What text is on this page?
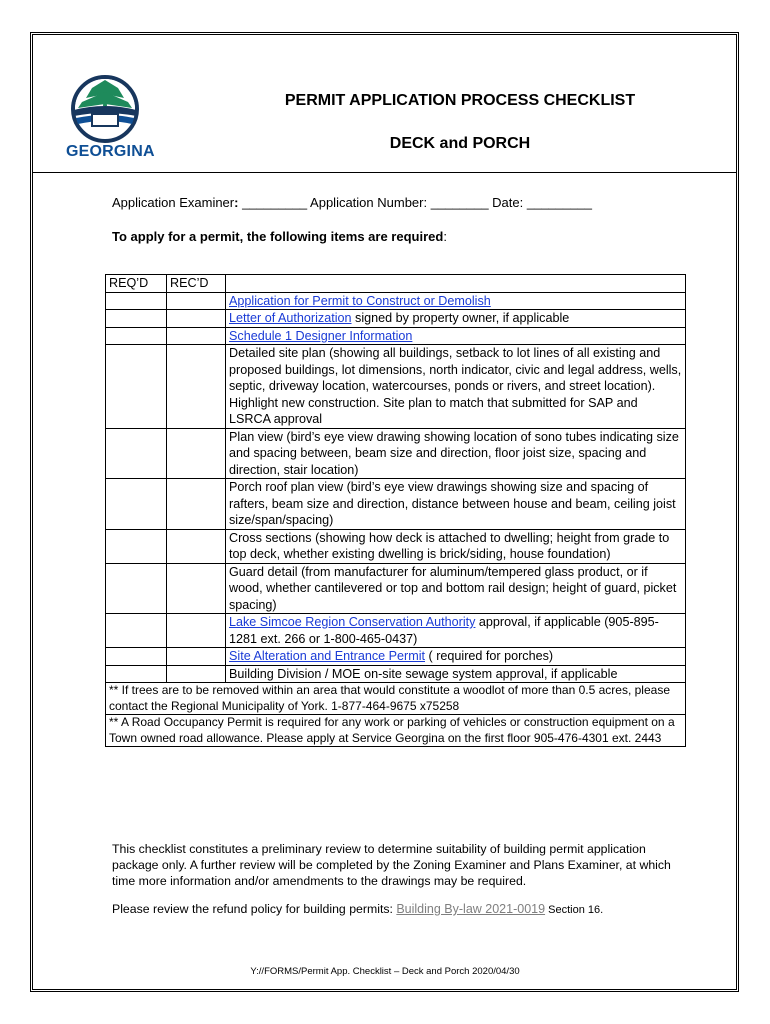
GEORGINA
PERMIT APPLICATION PROCESS CHECKLIST
DECK and PORCH
Application Examiner: _________ Application Number: ________ Date: _________
To apply for a permit, the following items are required:
REQ’D	REC’D	
		Application for Permit to Construct or Demolish
		Letter of Authorization signed by property owner, if applicable
		Schedule 1 Designer Information
		Detailed site plan (showing all buildings, setback to lot lines of all existing and proposed buildings, lot dimensions, north indicator, civic and legal address, wells, septic, driveway location, watercourses, ponds or rivers, and street location). Highlight new construction. Site plan to match that submitted for SAP and LSRCA approval
		Plan view (bird’s eye view drawing showing location of sono tubes indicating size and spacing between, beam size and direction, floor joist size, spacing and direction, stair location)
		Porch roof plan view (bird’s eye view drawings showing size and spacing of rafters, beam size and direction, distance between house and beam, ceiling joist size/span/spacing)
		Cross sections (showing how deck is attached to dwelling; height from grade to top deck, whether existing dwelling is brick/siding, house foundation)
		Guard detail (from manufacturer for aluminum/tempered glass product, or if wood, whether cantilevered or top and bottom rail design; height of guard, picket spacing)
		Lake Simcoe Region Conservation Authority approval, if applicable (905-895-1281 ext. 266 or 1-800-465-0437)
		Site Alteration and Entrance Permit ( required for porches)
		Building Division / MOE on-site sewage system approval, if applicable
** If trees are to be removed within an area that would constitute a woodlot of more than 0.5 acres, please contact the Regional Municipality of York. 1-877-464-9675 x75258		
** A Road Occupancy Permit is required for any work or parking of vehicles or construction equipment on a Town owned road allowance. Please apply at Service Georgina on the first floor 905-476-4301 ext. 2443		
This checklist constitutes a preliminary review to determine suitability of building permit application package only. A further review will be completed by the Zoning Examiner and Plans Examiner, at which time more information and/or amendments to the drawings may be required.
Please review the refund policy for building permits: Building By-law 2021-0019 Section 16.
Y://FORMS/Permit App. Checklist – Deck and Porch 2020/04/30
